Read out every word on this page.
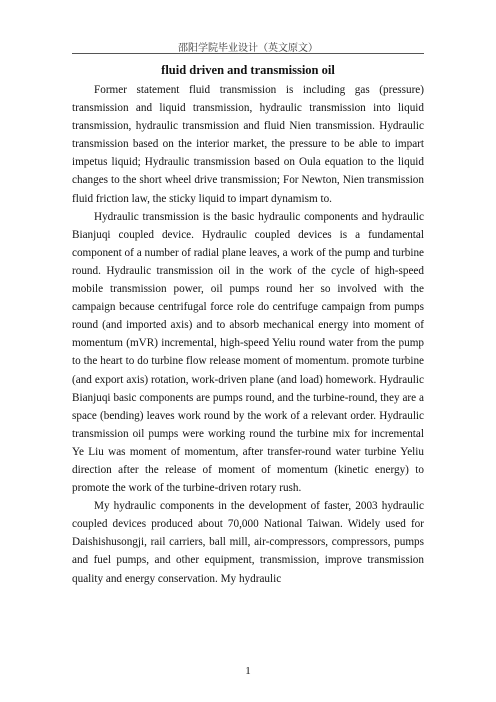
邵阳学院毕业设计（英文原文）
fluid driven and transmission oil

Former statement fluid transmission is including gas (pressure) transmission and liquid transmission, hydraulic transmission into liquid transmission, hydraulic transmission and fluid Nien transmission. Hydraulic transmission based on the interior market, the pressure to be able to impart impetus liquid; Hydraulic transmission based on Oula equation to the liquid changes to the short wheel drive transmission; For Newton, Nien transmission fluid friction law, the sticky liquid to impart dynamism to.

Hydraulic transmission is the basic hydraulic components and hydraulic Bianjuqi coupled device. Hydraulic coupled devices is a fundamental component of a number of radial plane leaves, a work of the pump and turbine round. Hydraulic transmission oil in the work of the cycle of high-speed mobile transmission power, oil pumps round her so involved with the campaign because centrifugal force role do centrifuge campaign from pumps round (and imported axis) and to absorb mechanical energy into moment of momentum (mVR) incremental, high-speed Yeliu round water from the pump to the heart to do turbine flow release moment of momentum. promote turbine (and export axis) rotation, work-driven plane (and load) homework. Hydraulic Bianjuqi basic components are pumps round, and the turbine-round, they are a space (bending) leaves work round by the work of a relevant order. Hydraulic transmission oil pumps were working round the turbine mix for incremental Ye Liu was moment of momentum, after transfer-round water turbine Yeliu direction after the release of moment of momentum (kinetic energy) to promote the work of the turbine-driven rotary rush.

My hydraulic components in the development of faster, 2003 hydraulic coupled devices produced about 70,000 National Taiwan. Widely used for Daishishusongji, rail carriers, ball mill, air-compressors, compressors, pumps and fuel pumps, and other equipment, transmission, improve transmission quality and energy conservation. My hydraulic

1
